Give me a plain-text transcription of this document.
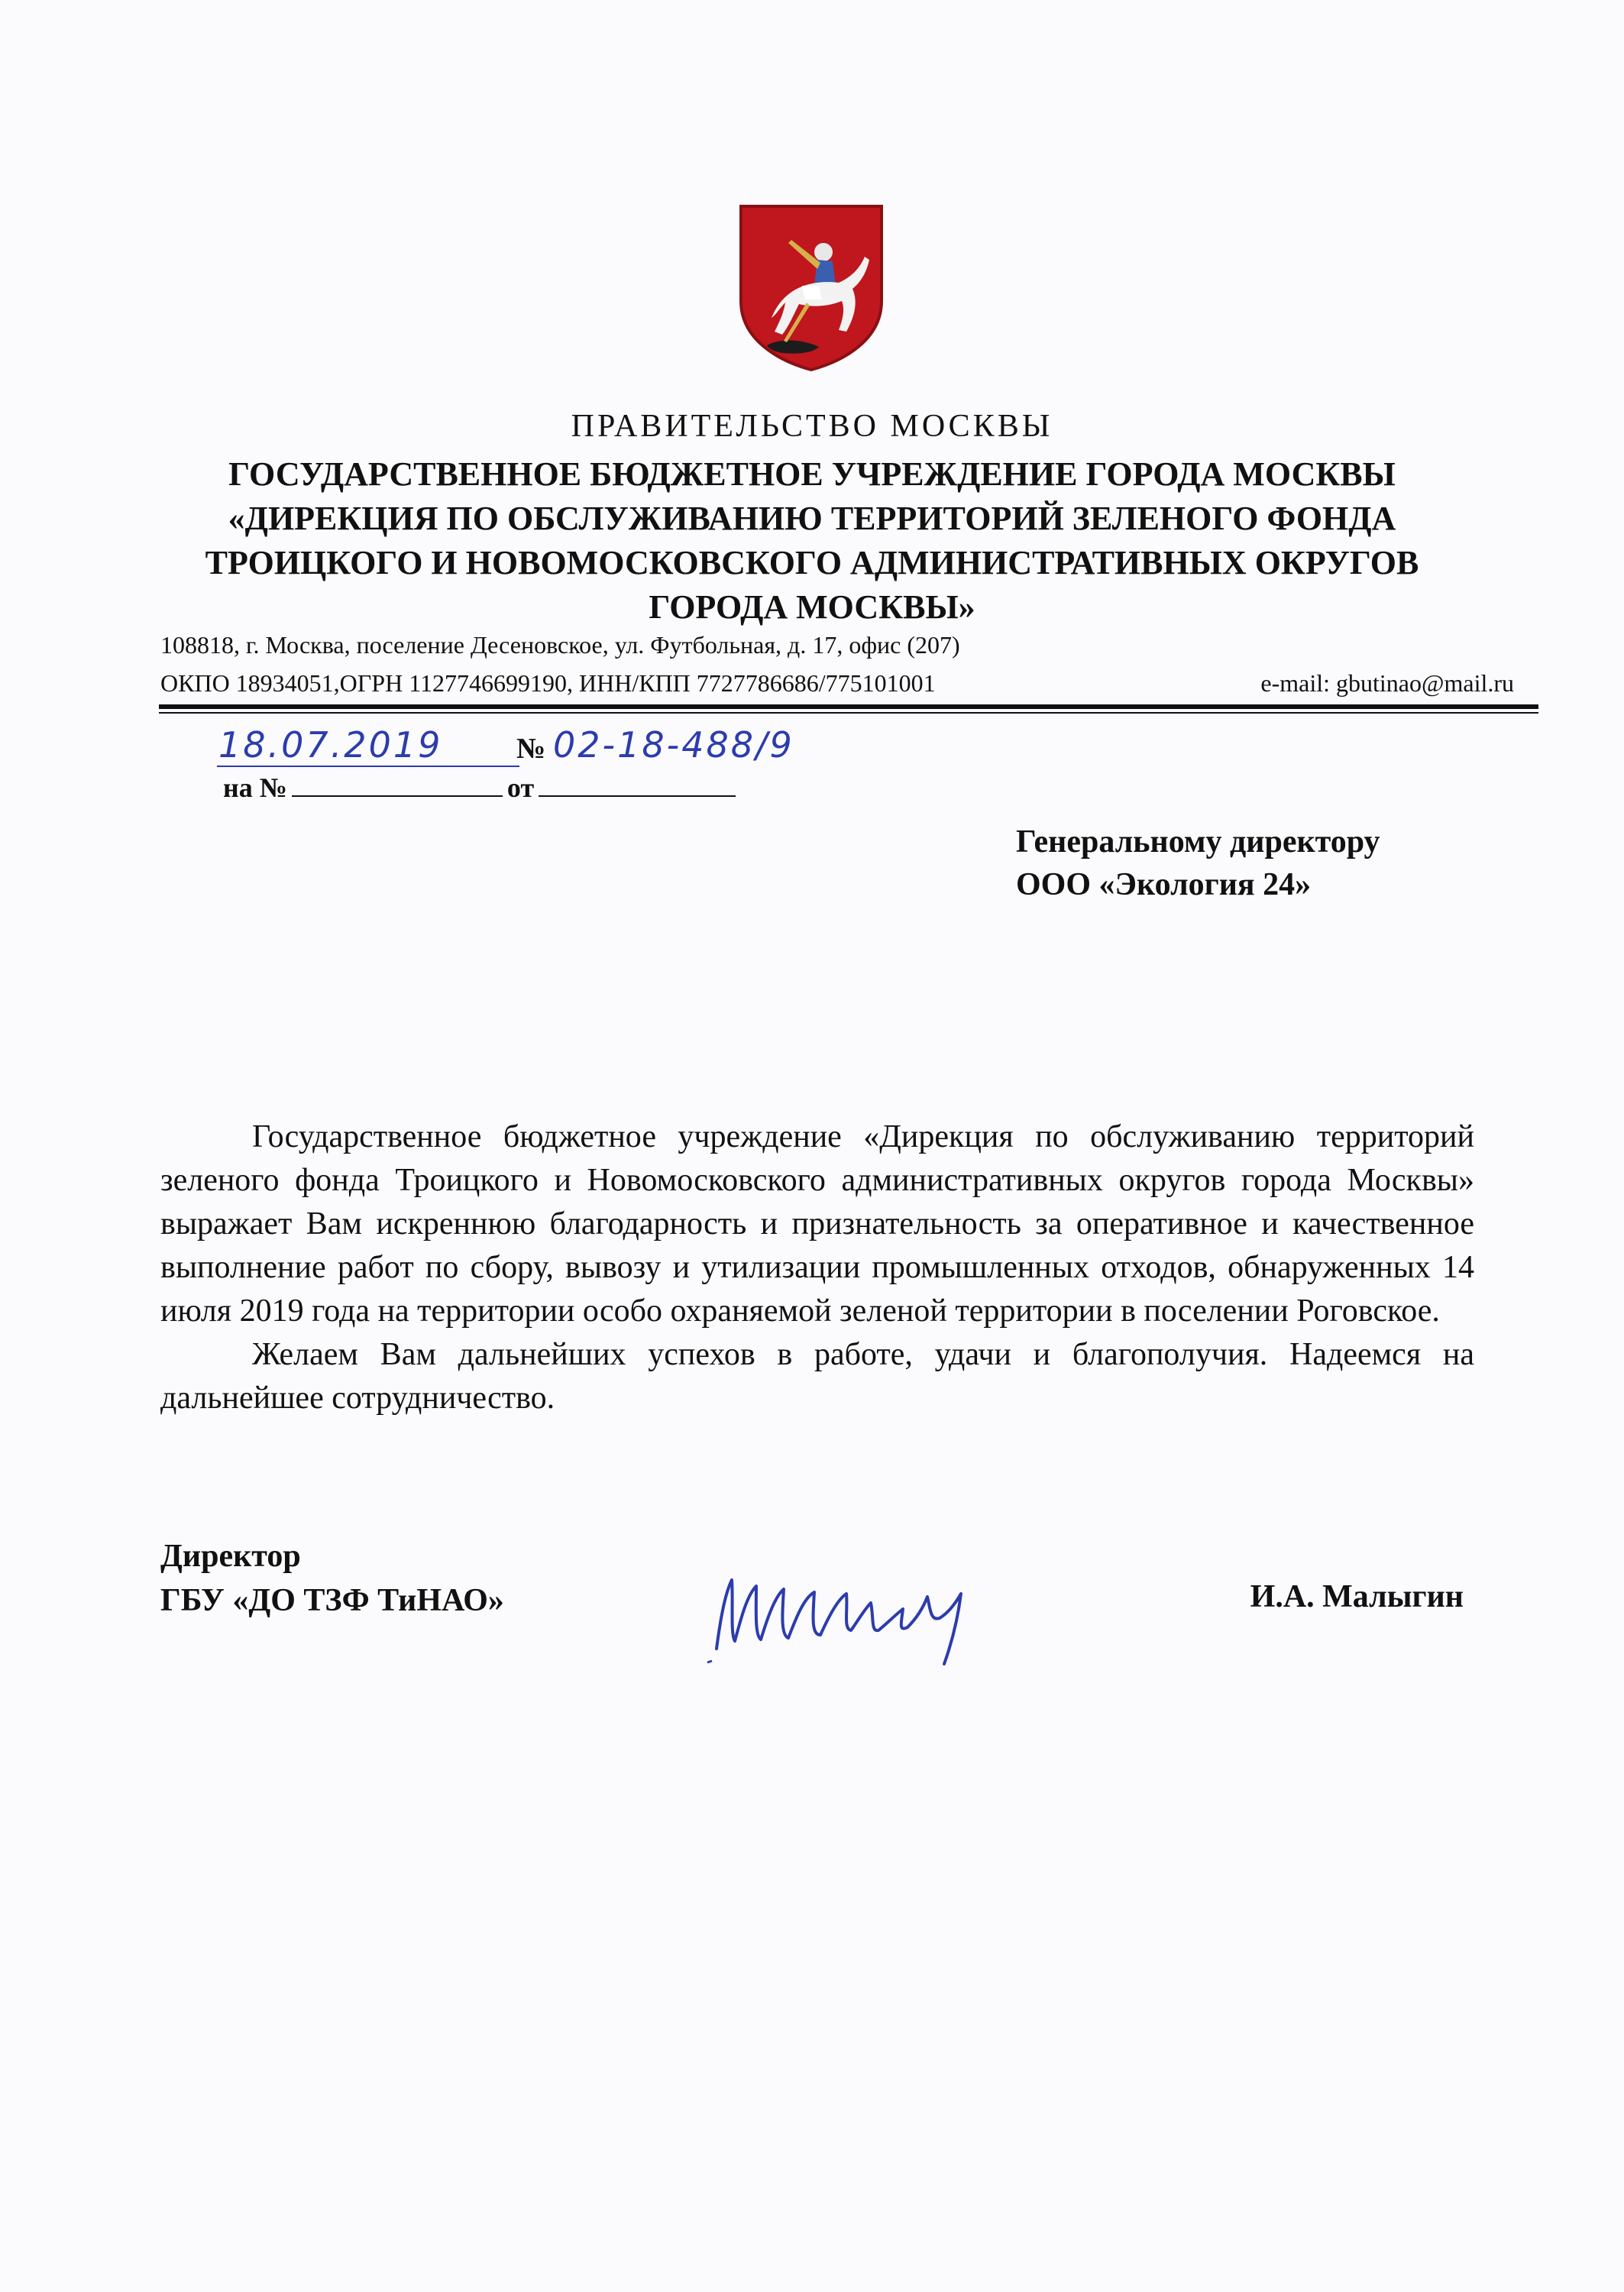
ПРАВИТЕЛЬСТВО МОСКВЫ
ГОСУДАРСТВЕННОЕ БЮДЖЕТНОЕ УЧРЕЖДЕНИЕ ГОРОДА МОСКВЫ
«ДИРЕКЦИЯ ПО ОБСЛУЖИВАНИЮ ТЕРРИТОРИЙ ЗЕЛЕНОГО ФОНДА
ТРОИЦКОГО И НОВОМОСКОВСКОГО АДМИНИСТРАТИВНЫХ ОКРУГОВ
ГОРОДА МОСКВЫ»
108818, г. Москва, поселение Десеновское, ул. Футбольная, д. 17, офис (207)
ОКПО 18934051,ОГРН 1127746699190, ИНН/КПП 7727786686/775101001	e-mail: gbutinao@mail.ru
18.07.2019	№ 02-18-488/9
на №	от
Генеральному директору
ООО «Экология 24»

Государственное бюджетное учреждение «Дирекция по обслуживанию территорий зеленого фонда Троицкого и Новомосковского административных округов города Москвы» выражает Вам искреннюю благодарность и признательность за оперативное и качественное выполнение работ по сбору, вывозу и утилизации промышленных отходов, обнаруженных 14 июля 2019 года на территории особо охраняемой зеленой территории в поселении Роговское.

Желаем Вам дальнейших успехов в работе, удачи и благополучия. Надеемся на дальнейшее сотрудничество.

Директор
ГБУ «ДО ТЗФ ТиНАО»	И.А. Малыгин
